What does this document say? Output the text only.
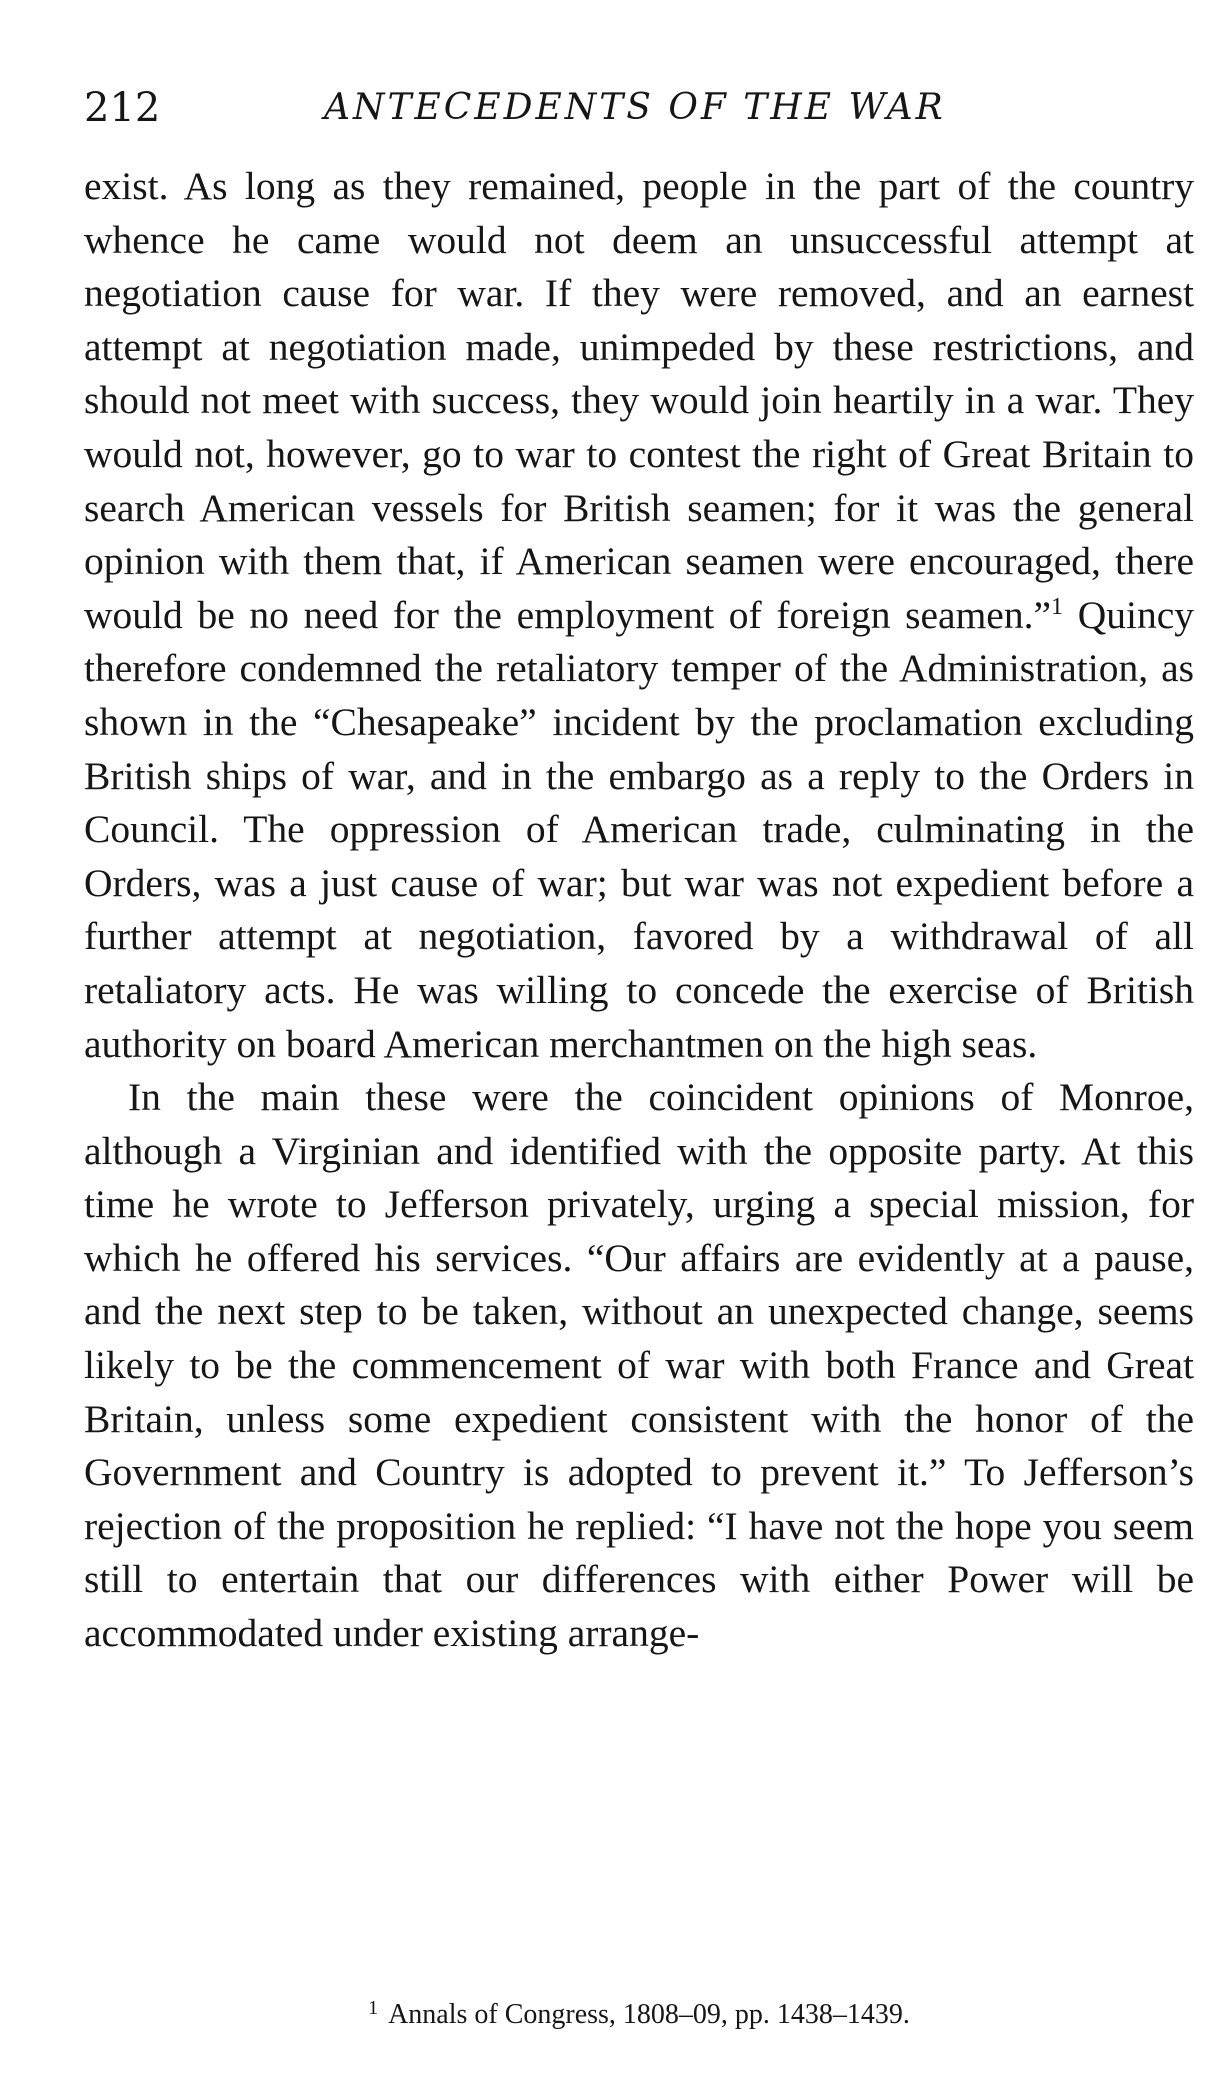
212	ANTECEDENTS OF THE WAR

exist. As long as they remained, people in the part of the country whence he came would not deem an unsuccessful attempt at negotiation cause for war. If they were removed, and an earnest attempt at negotiation made, unimpeded by these restrictions, and should not meet with success, they would join heartily in a war. They would not, however, go to war to contest the right of Great Britain to search American vessels for British seamen; for it was the general opinion with them that, if American seamen were encouraged, there would be no need for the employment of foreign seamen.”$^1$ Quincy therefore condemned the retaliatory temper of the Administration, as shown in the “Chesapeake” incident by the proclamation excluding British ships of war, and in the embargo as a reply to the Orders in Council. The oppression of American trade, culminating in the Orders, was a just cause of war; but war was not expedient before a further attempt at negotiation, favored by a withdrawal of all retaliatory acts. He was willing to concede the exercise of British authority on board American merchantmen on the high seas.

In the main these were the coincident opinions of Monroe, although a Virginian and identified with the opposite party. At this time he wrote to Jefferson privately, urging a special mission, for which he offered his services. “Our affairs are evidently at a pause, and the next step to be taken, without an unexpected change, seems likely to be the commencement of war with both France and Great Britain, unless some expedient consistent with the honor of the Government and Country is adopted to prevent it.” To Jefferson’s rejection of the proposition he replied: “I have not the hope you seem still to entertain that our differences with either Power will be accommodated under existing arrange-

$^1$ Annals of Congress, 1808–09, pp. 1438–1439.
